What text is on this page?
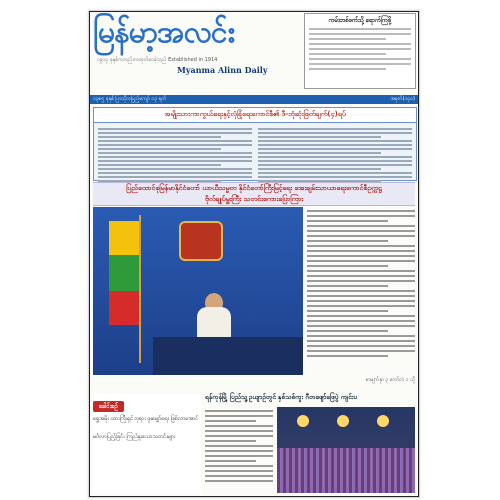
မြန်မာ့အလင်း
၁၉၁၄ ခုနှစ်ကတည်းကထုတ်ဝေခဲ့သည် Established in 1914
Myanma Alinn Daily
ကမ်းတစ်ဖက်သို့ ရောက်ကြဖို့
၁၃၈၅ ခုနှစ် ပြာသိုလပြည့်ကျော် ၁၃ ရက်	အမှတ်(၁၄၀)
အမျိုးသားကာကွယ်ရေးနှင့်လုံခြုံရေးကောင်စီ၏ ဒီ-ဘုံဆုံးဖြတ်ချက်(၄)ရပ်
ပြည်ထောင်စုမြန်မာနိုင်ငံတော် ယာယီသမ္မတ နိုင်ငံတော်ကြီးမြင့်ရေး အေးချမ်းသာယာရေးကောင်စီဥက္ကဋ္ဌ
ဗိုလ်ချုပ်မှူးကြီး သတင်းစကားပြောကြား
စာမျက်နှာ ၃ ကော်လံ ၁ သို့
ခေါင်းစဉ်
ရွှေအမိုး ထားကြီးရှင်ဘုရား ဖူးမျှော်ရေး ဖြစ်လာအောင်
မင်္ဂလာပြည့်ခြင်း ကြည်နူးသောသတင်းများ
ရန်ကုန်မြို့ ပြည်သူ့ဥယျာဉ်တွင် နှစ်သစ်ကူး ဂီတဖျော်ဖြေပွဲ ကျင်းပ
